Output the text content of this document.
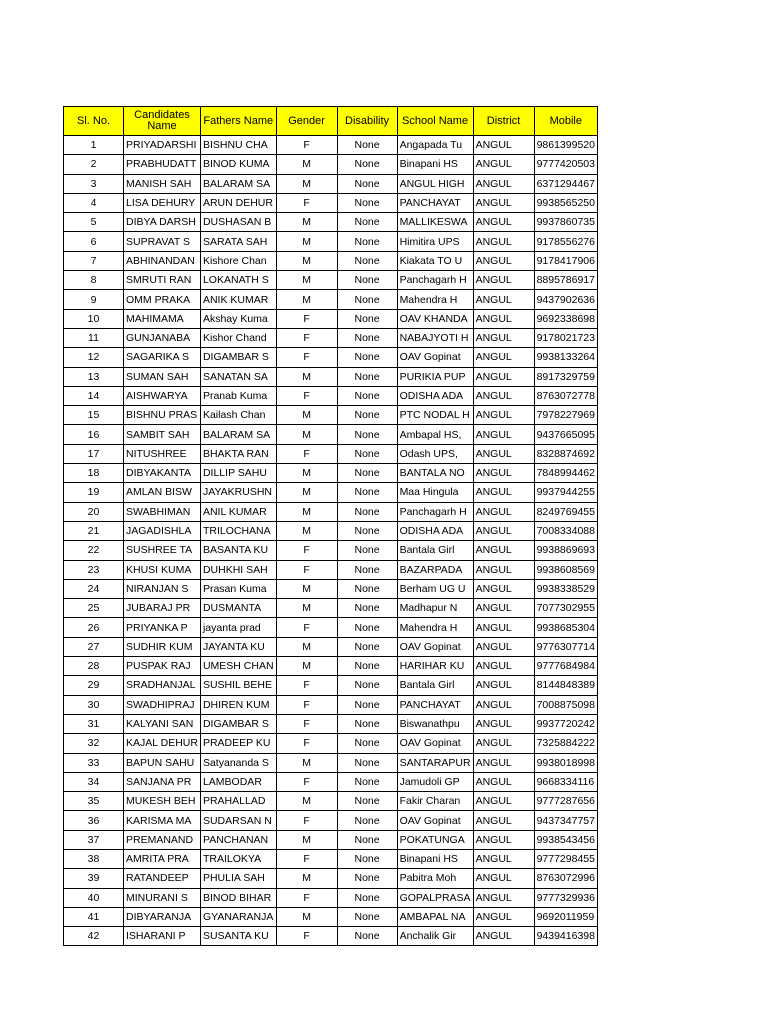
Sl. No.	Candidates Name	Fathers Name	Gender	Disability	School Name	District	Mobile
1	PRIYADARSHI	BISHNU CHA	F	None	Angapada Tu	ANGUL	9861399520
2	PRABHUDATT	BINOD KUMA	M	None	Binapani HS	ANGUL	9777420503
3	MANISH SAH	BALARAM SA	M	None	ANGUL HIGH	ANGUL	6371294467
4	LISA DEHURY	ARUN DEHUR	F	None	PANCHAYAT	ANGUL	9938565250
5	DIBYA DARSH	DUSHASAN B	M	None	MALLIKESWA	ANGUL	9937860735
6	SUPRAVAT S	SARATA SAH	M	None	Himitira UPS	ANGUL	9178556276
7	ABHINANDAN	Kishore Chan	M	None	Kiakata TO U	ANGUL	9178417906
8	SMRUTI RAN	LOKANATH S	M	None	Panchagarh H	ANGUL	8895786917
9	OMM PRAKA	ANIK KUMAR	M	None	Mahendra H	ANGUL	9437902636
10	MAHIMAMA	Akshay Kuma	F	None	OAV KHANDA	ANGUL	9692338698
11	GUNJANABA	Kishor Chand	F	None	NABAJYOTI H	ANGUL	9178021723
12	SAGARIKA S	DIGAMBAR S	F	None	OAV Gopinat	ANGUL	9938133264
13	SUMAN SAH	SANATAN SA	M	None	PURIKIA PUP	ANGUL	8917329759
14	AISHWARYA	Pranab Kuma	F	None	ODISHA ADA	ANGUL	8763072778
15	BISHNU PRAS	Kailash Chan	M	None	PTC NODAL H	ANGUL	7978227969
16	SAMBIT SAH	BALARAM SA	M	None	Ambapal HS,	ANGUL	9437665095
17	NITUSHREE	BHAKTA RAN	F	None	Odash UPS,	ANGUL	8328874692
18	DIBYAKANTA	DILLIP SAHU	M	None	BANTALA NO	ANGUL	7848994462
19	AMLAN BISW	JAYAKRUSHN	M	None	Maa Hingula	ANGUL	9937944255
20	SWABHIMAN	ANIL KUMAR	M	None	Panchagarh H	ANGUL	8249769455
21	JAGADISHLA	TRILOCHANA	M	None	ODISHA ADA	ANGUL	7008334088
22	SUSHREE TA	BASANTA KU	F	None	Bantala Girl	ANGUL	9938869693
23	KHUSI KUMA	DUHKHI SAH	F	None	BAZARPADA	ANGUL	9938608569
24	NIRANJAN S	Prasan Kuma	M	None	Berham UG U	ANGUL	9938338529
25	JUBARAJ PR	DUSMANTA	M	None	Madhapur N	ANGUL	7077302955
26	PRIYANKA P	jayanta prad	F	None	Mahendra H	ANGUL	9938685304
27	SUDHIR KUM	JAYANTA KU	M	None	OAV Gopinat	ANGUL	9776307714
28	PUSPAK RAJ	UMESH CHAN	M	None	HARIHAR KU	ANGUL	9777684984
29	SRADHANJAL	SUSHIL BEHE	F	None	Bantala Girl	ANGUL	8144848389
30	SWADHIPRAJ	DHIREN KUM	F	None	PANCHAYAT	ANGUL	7008875098
31	KALYANI SAN	DIGAMBAR S	F	None	Biswanathpu	ANGUL	9937720242
32	KAJAL DEHUR	PRADEEP KU	F	None	OAV Gopinat	ANGUL	7325884222
33	BAPUN SAHU	Satyananda S	M	None	SANTARAPUR	ANGUL	9938018998
34	SANJANA PR	LAMBODAR	F	None	Jamudoli GP	ANGUL	9668334116
35	MUKESH BEH	PRAHALLAD	M	None	Fakir Charan	ANGUL	9777287656
36	KARISMA MA	SUDARSAN N	F	None	OAV Gopinat	ANGUL	9437347757
37	PREMANAND	PANCHANAN	M	None	POKATUNGA	ANGUL	9938543456
38	AMRITA PRA	TRAILOKYA	F	None	Binapani HS	ANGUL	9777298455
39	RATANDEEP	PHULIA SAH	M	None	Pabitra Moh	ANGUL	8763072996
40	MINURANI S	BINOD BIHAR	F	None	GOPALPRASA	ANGUL	9777329936
41	DIBYARANJA	GYANARANJA	M	None	AMBAPAL NA	ANGUL	9692011959
42	ISHARANI P	SUSANTA KU	F	None	Anchalik Gir	ANGUL	9439416398
